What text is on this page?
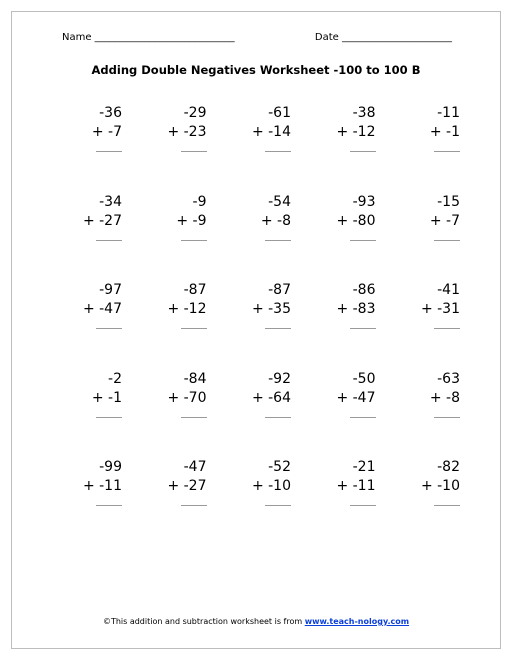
Name ____________________________	Date ______________________
Adding Double Negatives Worksheet -100 to 100 B
-36
+ -7
-29
+ -23
-61
+ -14
-38
+ -12
-11
+ -1
-34
+ -27
-9
+ -9
-54
+ -8
-93
+ -80
-15
+ -7
-97
+ -47
-87
+ -12
-87
+ -35
-86
+ -83
-41
+ -31
-2
+ -1
-84
+ -70
-92
+ -64
-50
+ -47
-63
+ -8
-99
+ -11
-47
+ -27
-52
+ -10
-21
+ -11
-82
+ -10
©This addition and subtraction worksheet is from www.teach-nology.com
